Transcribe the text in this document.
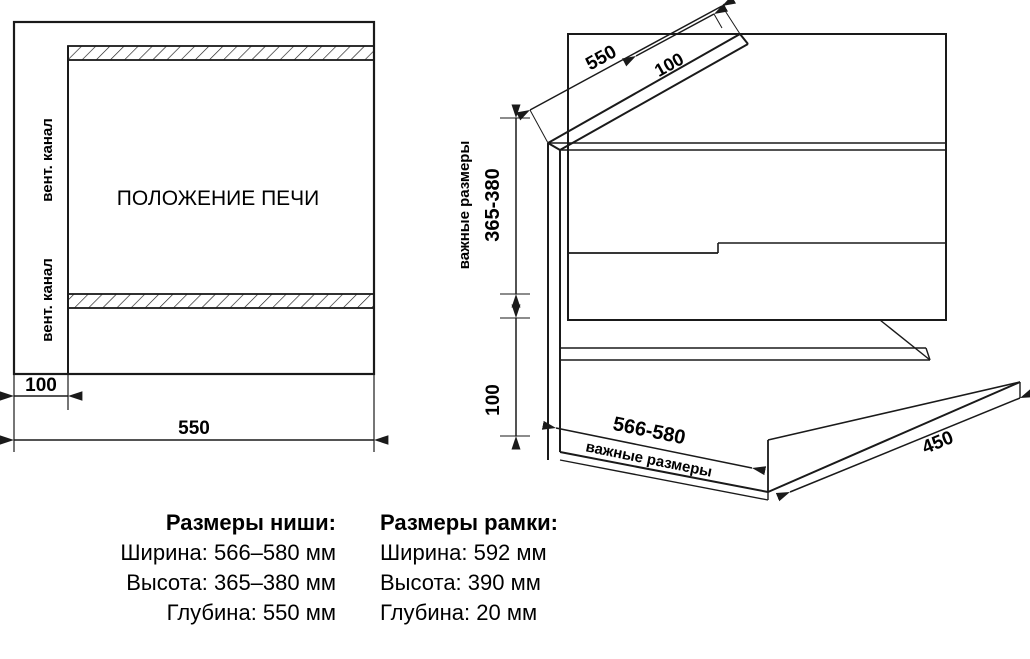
ПОЛОЖЕНИЕ ПЕЧИ
вент. канал
вент. канал
100
550
550 100
365-380
важные размеры
100
566-580
важные размеры	450
Размеры ниши:
Ширина: 566–580 мм
Высота: 365–380 мм
Глубина: 550 мм
Размеры рамки:
Ширина: 592 мм
Высота: 390 мм
Глубина: 20 мм
